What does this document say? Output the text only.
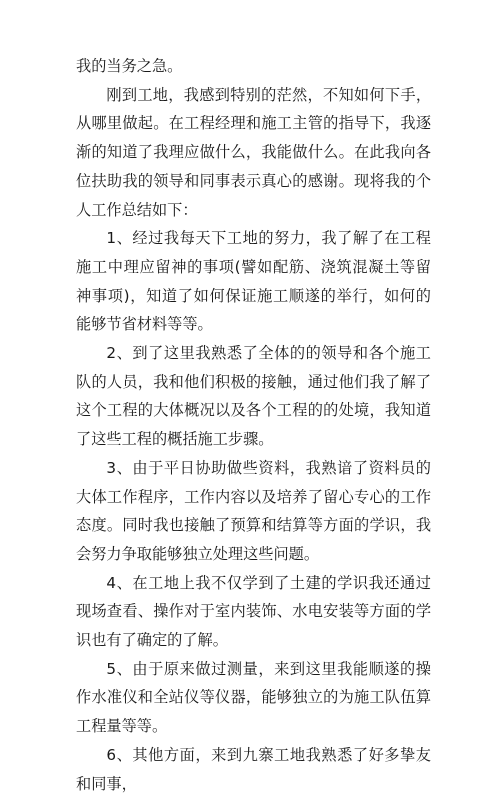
我的当务之急。

刚到工地，我感到特别的茫然，不知如何下手，从哪里做起。在工程经理和施工主管的指导下，我逐渐的知道了我理应做什么，我能做什么。在此我向各位扶助我的领导和同事表示真心的感谢。现将我的个人工作总结如下：

1、经过我每天下工地的努力，我了解了在工程施工中理应留神的事项(譬如配筋、浇筑混凝土等留神事项)，知道了如何保证施工顺遂的举行，如何的能够节省材料等等。

2、到了这里我熟悉了全体的的领导和各个施工队的人员，我和他们积极的接触，通过他们我了解了这个工程的大体概况以及各个工程的的处境，我知道了这些工程的概括施工步骤。

3、由于平日协助做些资料，我熟谙了资料员的大体工作程序，工作内容以及培养了留心专心的工作态度。同时我也接触了预算和结算等方面的学识，我会努力争取能够独立处理这些问题。

4、在工地上我不仅学到了土建的学识我还通过现场查看、操作对于室内装饰、水电安装等方面的学识也有了确定的了解。

5、由于原来做过测量，来到这里我能顺遂的操作水准仪和全站仪等仪器，能够独立的为施工队伍算工程量等等。

6、其他方面，来到九寨工地我熟悉了好多挚友和同事，
